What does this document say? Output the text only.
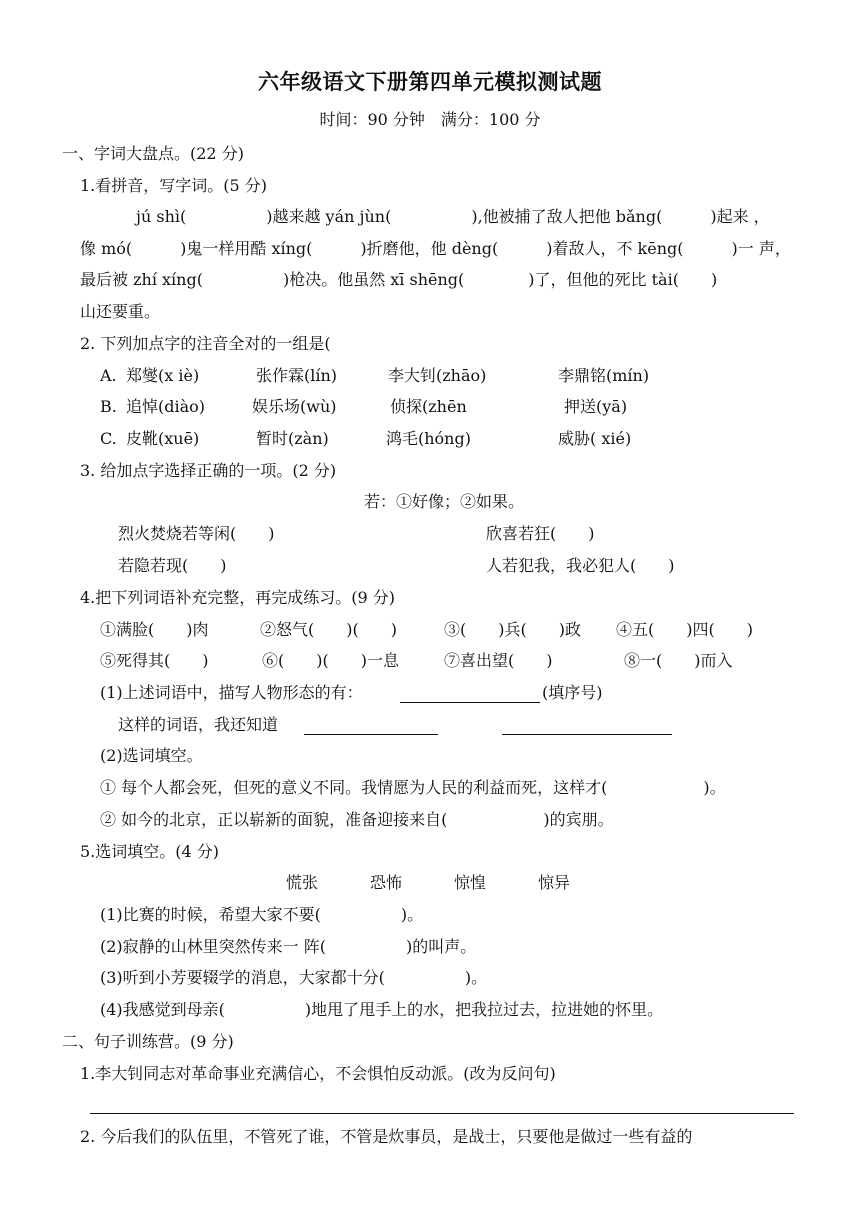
六年级语文下册第四单元模拟测试题
时间：90 分钟　满分：100 分
一、字词大盘点。(22 分)
1.看拼音，写字词。(5 分)
jú shì(　　　　　)越来越 yán jùn(　　　　　),他被捕了敌人把他 bǎng(　　　)起来 ，
像 mó(　　　)鬼一样用酷 xíng(　　　)折磨他，他 dèng(　　　)着敌人，不 kēng(　　　)一 声，
最后被 zhí xíng(　　　　　)枪决。他虽然 xī shēng(　　　　)了，但他的死比 tài(　　)
山还要重。
2. 下列加点字的注音全对的一组是(
A. 郑燮(x iè)	张作霖(lín)	李大钊(zhāo)	李鼎铭(mín)
B. 追悼(diào)	娱乐场(wù)	侦探(zhēn	押送(yā)
C. 皮靴(xuē)	暂时(zàn)	鸿毛(hóng)	威胁( xié)
3. 给加点字选择正确的一项。(2 分)
若：①好像；②如果。
烈火焚烧若等闲(　　)	欣喜若狂(　　)
若隐若现(　　)	人若犯我，我必犯人(　　)
4.把下列词语补充完整，再完成练习。(9 分)
①满脸(　　)肉	②怒气(　　)(　　)	③(　　)兵(　　)政 ④五(　　)四(　　)
⑤死得其(　　)	⑥(　　)(　　)一息	⑦喜出望(　　)	⑧一(　　)而入
(1)上述词语中，描写人物形态的有：	(填序号)
这样的词语，我还知道
(2)选词填空。
① 每个人都会死，但死的意义不同。我情愿为人民的利益而死，这样才(　　　　　　)。
② 如今的北京，正以崭新的面貌，准备迎接来自(　　　　　　)的宾朋。
5.选词填空。(4 分)
慌张	恐怖	惊惶	惊异
(1)比赛的时候，希望大家不要(　　　　　)。
(2)寂静的山林里突然传来一 阵(　　　　　)的叫声。
(3)听到小芳要辍学的消息，大家都十分(　　　　　)。
(4)我感觉到母亲(　　　　　)地甩了甩手上的水，把我拉过去，拉进她的怀里。
二、句子训练营。(9 分)
1.李大钊同志对革命事业充满信心，不会惧怕反动派。(改为反问句)
2. 今后我们的队伍里，不管死了谁，不管是炊事员，是战士，只要他是做过一些有益的
